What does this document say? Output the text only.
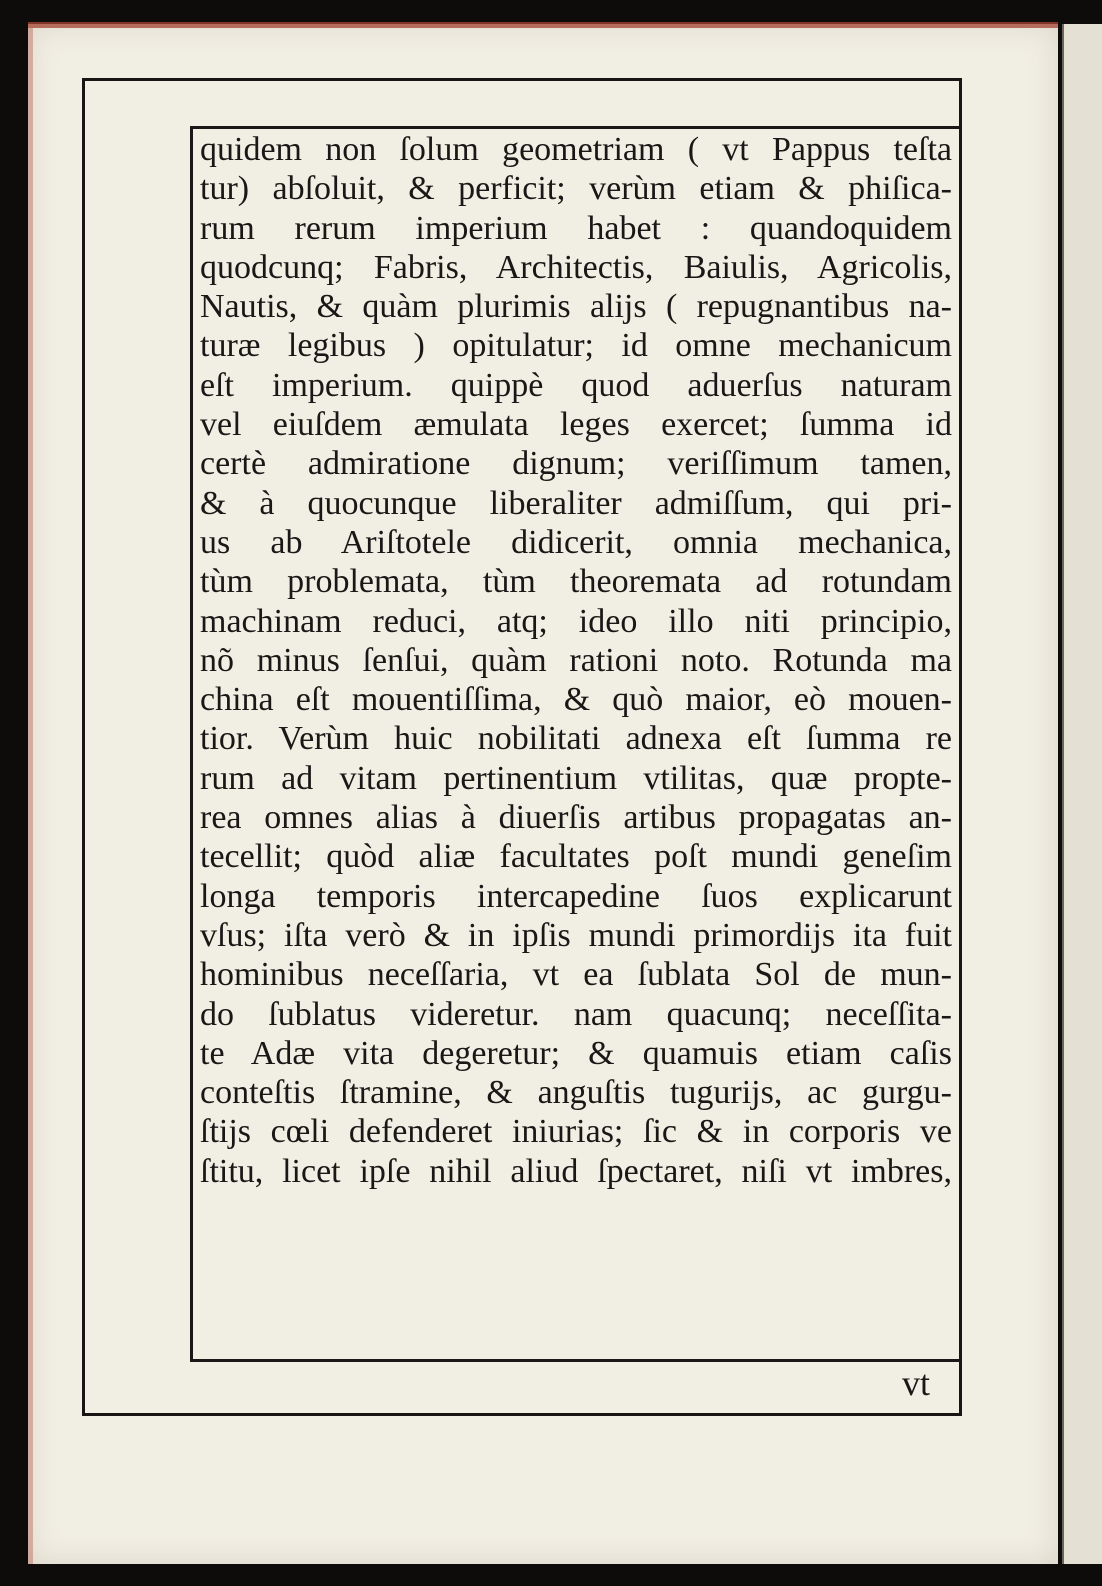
quidem non ſolum geometriam ( vt Pappus teſta
tur) abſoluit, & perficit; verùm etiam & phiſica-
rum rerum imperium habet : quandoquidem
quodcunq; Fabris, Architectis, Baiulis, Agricolis,
Nautis, & quàm plurimis alijs ( repugnantibus na-
turæ legibus ) opitulatur; id omne mechanicum
eſt imperium. quippè quod aduerſus naturam
vel eiuſdem æmulata leges exercet; ſumma id
certè admiratione dignum; veriſſimum tamen,
& à quocunque liberaliter admiſſum, qui pri-
us ab Ariſtotele didicerit, omnia mechanica,
tùm problemata, tùm theoremata ad rotundam
machinam reduci, atq; ideo illo niti principio,
nõ minus ſenſui, quàm rationi noto. Rotunda ma
china eſt mouentiſſima, & quò maior, eò mouen-
tior. Verùm huic nobilitati adnexa eſt ſumma re
rum ad vitam pertinentium vtilitas, quæ propte-
rea omnes alias à diuerſis artibus propagatas an-
tecellit; quòd aliæ facultates poſt mundi geneſim
longa temporis intercapedine ſuos explicarunt
vſus; iſta verò & in ipſis mundi primordijs ita fuit
hominibus neceſſaria, vt ea ſublata Sol de mun-
do ſublatus videretur. nam quacunq; neceſſita-
te Adæ vita degeretur; & quamuis etiam caſis
conteſtis ſtramine, & anguſtis tugurijs, ac gurgu-
ſtijs cœli defenderet iniurias; ſic & in corporis ve
ſtitu, licet ipſe nihil aliud ſpectaret, niſi vt imbres,
vt
